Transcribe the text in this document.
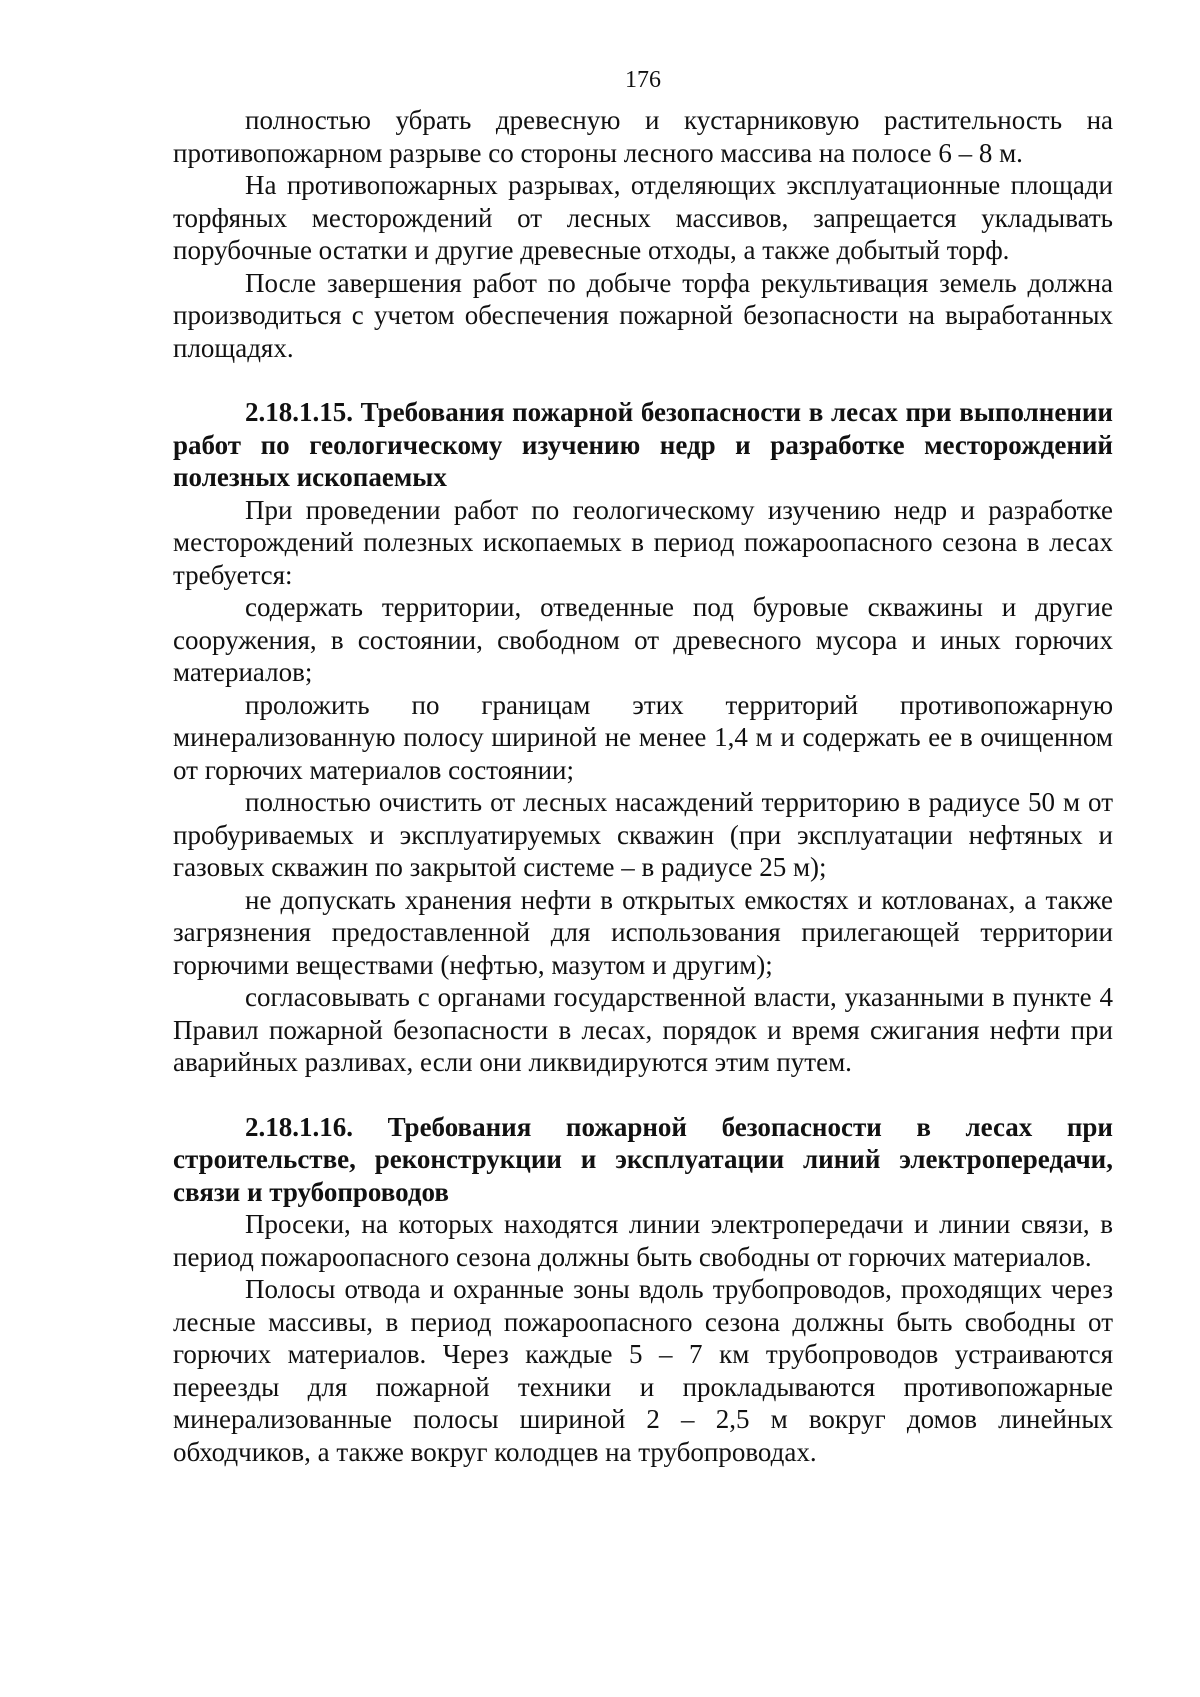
176

полностью убрать древесную и кустарниковую растительность на противопожарном разрыве со стороны лесного массива на полосе 6 – 8 м.

На противопожарных разрывах, отделяющих эксплуатационные площади торфяных месторождений от лесных массивов, запрещается укладывать порубочные остатки и другие древесные отходы, а также добытый торф.

После завершения работ по добыче торфа рекультивация земель должна производиться с учетом обеспечения пожарной безопасности на выработанных площадях.

2.18.1.15. Требования пожарной безопасности в лесах при выполнении работ по геологическому изучению недр и разработке месторождений полезных ископаемых

При проведении работ по геологическому изучению недр и разработке месторождений полезных ископаемых в период пожароопасного сезона в лесах требуется:

содержать территории, отведенные под буровые скважины и другие сооружения, в состоянии, свободном от древесного мусора и иных горючих материалов;

проложить по границам этих территорий противопожарную минерализованную полосу шириной не менее 1,4 м и содержать ее в очищенном от горючих материалов состоянии;

полностью очистить от лесных насаждений территорию в радиусе 50 м от пробуриваемых и эксплуатируемых скважин (при эксплуатации нефтяных и газовых скважин по закрытой системе – в радиусе 25 м);

не допускать хранения нефти в открытых емкостях и котлованах, а также загрязнения предоставленной для использования прилегающей территории горючими веществами (нефтью, мазутом и другим);

согласовывать с органами государственной власти, указанными в пункте 4 Правил пожарной безопасности в лесах, порядок и время сжигания нефти при аварийных разливах, если они ликвидируются этим путем.

2.18.1.16. Требования пожарной безопасности в лесах при строительстве, реконструкции и эксплуатации линий электропередачи, связи и трубопроводов

Просеки, на которых находятся линии электропередачи и линии связи, в период пожароопасного сезона должны быть свободны от горючих материалов.

Полосы отвода и охранные зоны вдоль трубопроводов, проходящих через лесные массивы, в период пожароопасного сезона должны быть свободны от горючих материалов. Через каждые 5 – 7 км трубопроводов устраиваются переезды для пожарной техники и прокладываются противопожарные минерализованные полосы шириной 2 – 2,5 м вокруг домов линейных обходчиков, а также вокруг колодцев на трубопроводах.
